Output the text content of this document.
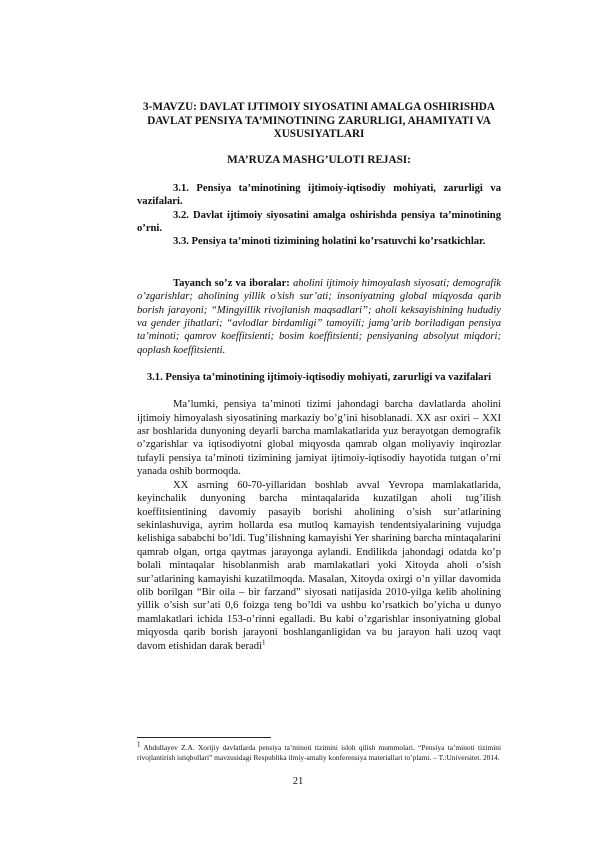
3-MAVZU: DAVLAT IJTIMOIY SIYOSATINI AMALGA OSHIRISHDA DAVLAT PENSIYA TA’MINOTINING ZARURLIGI, AHAMIYATI VA XUSUSIYATLARI
MA’RUZA MASHG’ULOTI REJASI:

3.1. Pensiya ta’minotining ijtimoiy-iqtisodiy mohiyati, zarurligi va vazifalari.

3.2. Davlat ijtimoiy siyosatini amalga oshirishda pensiya ta’minotining o’rni.

3.3. Pensiya ta’minoti tizimining holatini ko’rsatuvchi ko’rsatkichlar.

Tayanch so’z va iboralar: aholini ijtimoiy himoyalash siyosati; demografik o’zgarishlar; aholining yillik o’sish sur’ati; insoniyatning global miqyosda qarib borish jarayoni; “Mingyillik rivojlanish maqsadlari”; aholi keksayishining hududiy va gender jihatlari; “avlodlar birdamligi” tamoyili; jamg’arib boriladigan pensiya ta’minoti; qamrov koeffitsienti; bosim koeffitsienti; pensiyaning absolyut miqdori; qoplash koeffitsienti.

3.1. Pensiya ta’minotining ijtimoiy-iqtisodiy mohiyati, zarurligi va vazifalari

Ma’lumki, pensiya ta’minoti tizimi jahondagi barcha davlatlarda aholini ijtimoiy himoyalash siyosatining markaziy bo’g’ini hisoblanadi. XX asr oxiri – XXI asr boshlarida dunyoning deyarli barcha mamlakatlarida yuz berayotgan demografik o’zgarishlar va iqtisodiyotni global miqyosda qamrab olgan moliyaviy inqirozlar tufayli pensiya ta’minoti tizimining jamiyat ijtimoiy-iqtisodiy hayotida tutgan o’rni yanada oshib bormoqda.

XX asrning 60-70-yillaridan boshlab avval Yevropa mamlakatlarida, keyinchalik dunyoning barcha mintaqalarida kuzatilgan aholi tug’ilish koeffitsientining davomiy pasayib borishi aholining o’sish sur’atlarining sekinlashuviga, ayrim hollarda esa mutloq kamayish tendentsiyalarining vujudga kelishiga sababchi bo’ldi. Tug’ilishning kamayishi Yer sharining barcha mintaqalarini qamrab olgan, ortga qaytmas jarayonga aylandi. Endilikda jahondagi odatda ko’p bolali mintaqalar hisoblanmish arab mamlakatlari yoki Xitoyda aholi o’sish sur’atlarining kamayishi kuzatilmoqda. Masalan, Xitoyda oxirgi o’n yillar davomida olib borilgan “Bir oila – bir farzand” siyosati natijasida 2010-yilga kelib aholining yillik o’sish sur’ati 0,6 foizga teng bo’ldi va ushbu ko’rsatkich bo’yicha u dunyo mamlakatlari ichida 153-o’rinni egalladi. Bu kabi o’zgarishlar insoniyatning global miqyosda qarib borish jarayoni boshlanganligidan va bu jarayon hali uzoq vaqt davom etishidan darak beradi$^1$

$^1$ Abdullayev Z.A. Xorijiy davlatlarda pensiya ta’minoti tizimini isloh qilish mummolari. “Pensiya ta’minoti tizimini rivojlantirish istiqbollari” mavzusidagi Respublika ilmiy-amaliy konferensiya materiallari to’plami. – T.:Universitet. 2014.
21
